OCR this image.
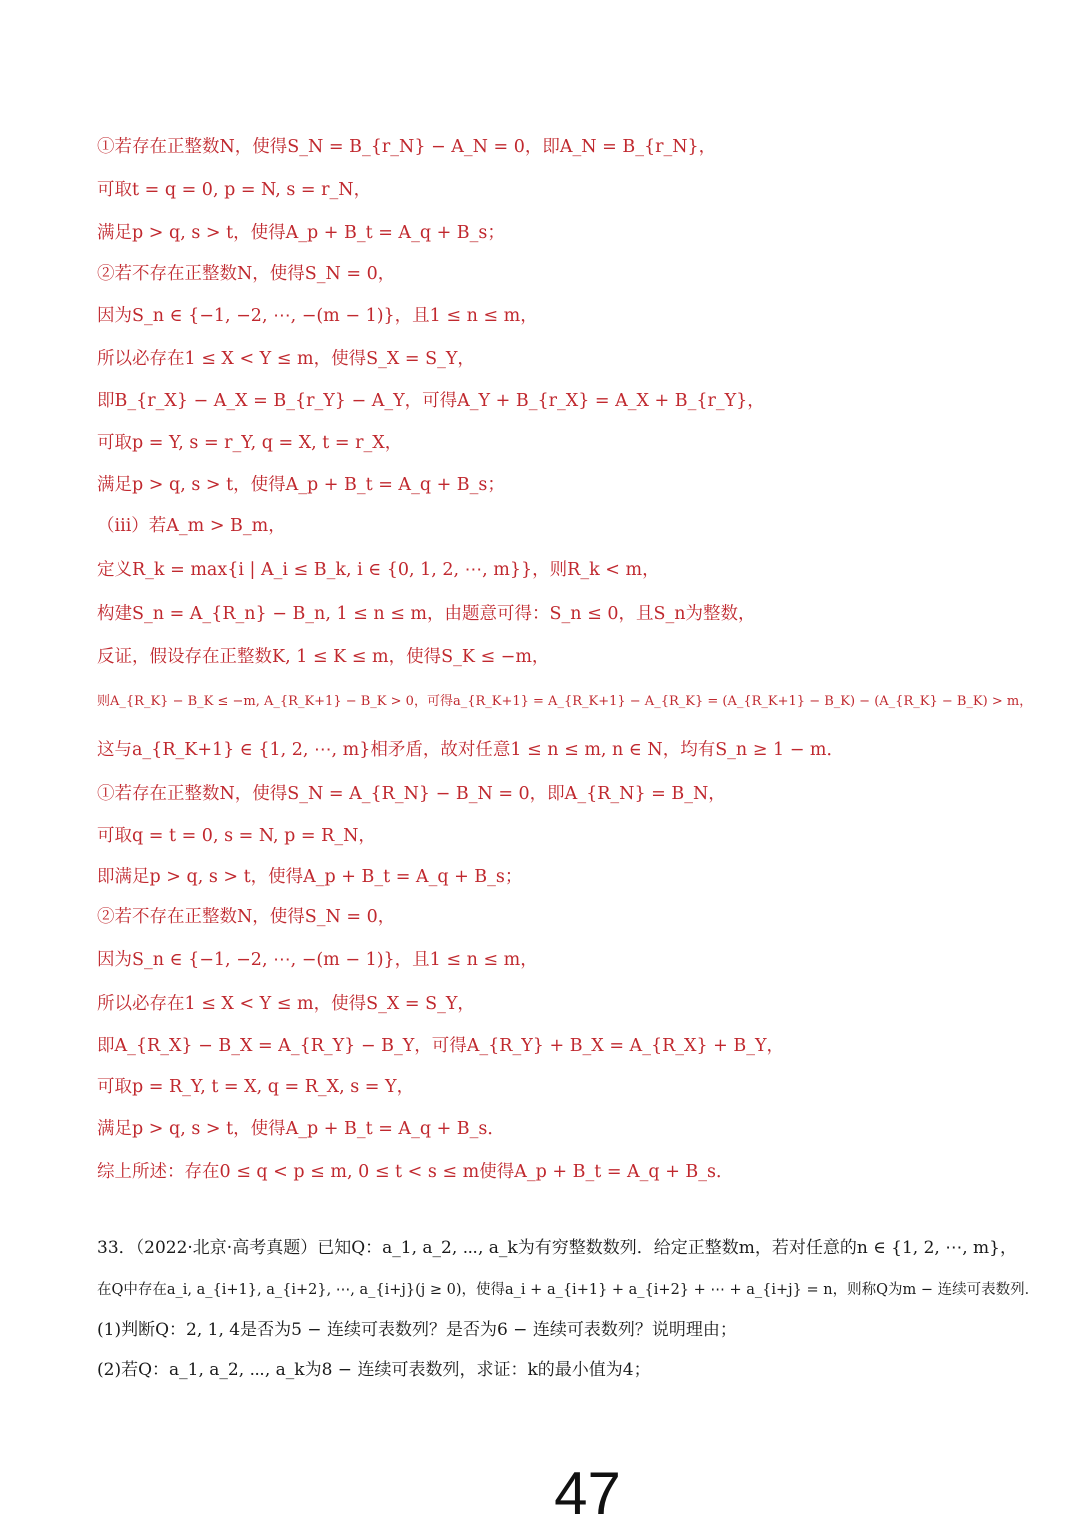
①若存在正整数N，使得S_N = B_{r_N} − A_N = 0，即A_N = B_{r_N}，
可取t = q = 0, p = N, s = r_N，
满足p > q, s > t，使得A_p + B_t = A_q + B_s；
②若不存在正整数N，使得S_N = 0，
因为S_n ∈ {−1, −2, ⋯, −(m − 1)}，且1 ≤ n ≤ m，
所以必存在1 ≤ X < Y ≤ m，使得S_X = S_Y，
即B_{r_X} − A_X = B_{r_Y} − A_Y，可得A_Y + B_{r_X} = A_X + B_{r_Y}，
可取p = Y, s = r_Y, q = X, t = r_X，
满足p > q, s > t，使得A_p + B_t = A_q + B_s；
（iii）若A_m > B_m，
定义R_k = max{i | A_i ≤ B_k, i ∈ {0, 1, 2, ⋯, m}}，则R_k < m，
构建S_n = A_{R_n} − B_n, 1 ≤ n ≤ m，由题意可得：S_n ≤ 0，且S_n为整数，
反证，假设存在正整数K, 1 ≤ K ≤ m，使得S_K ≤ −m，
则A_{R_K} − B_K ≤ −m, A_{R_K+1} − B_K > 0，可得a_{R_K+1} = A_{R_K+1} − A_{R_K} = (A_{R_K+1} − B_K) − (A_{R_K} − B_K) > m，
这与a_{R_K+1} ∈ {1, 2, ⋯, m}相矛盾，故对任意1 ≤ n ≤ m, n ∈ N，均有S_n ≥ 1 − m．
①若存在正整数N，使得S_N = A_{R_N} − B_N = 0，即A_{R_N} = B_N，
可取q = t = 0, s = N, p = R_N，
即满足p > q, s > t，使得A_p + B_t = A_q + B_s；
②若不存在正整数N，使得S_N = 0，
因为S_n ∈ {−1, −2, ⋯, −(m − 1)}，且1 ≤ n ≤ m，
所以必存在1 ≤ X < Y ≤ m，使得S_X = S_Y，
即A_{R_X} − B_X = A_{R_Y} − B_Y，可得A_{R_Y} + B_X = A_{R_X} + B_Y，
可取p = R_Y, t = X, q = R_X, s = Y，
满足p > q, s > t，使得A_p + B_t = A_q + B_s．
综上所述：存在0 ≤ q < p ≤ m, 0 ≤ t < s ≤ m使得A_p + B_t = A_q + B_s．
33．（2022·北京·高考真题）已知Q：a_1, a_2, ⋯, a_k为有穷整数数列．给定正整数m，若对任意的n ∈ {1, 2, ⋯, m}，
在Q中存在a_i, a_{i+1}, a_{i+2}, ⋯, a_{i+j}(j ≥ 0)，使得a_i + a_{i+1} + a_{i+2} + ⋯ + a_{i+j} = n，则称Q为m − 连续可表数列．
(1)判断Q：2, 1, 4是否为5 − 连续可表数列？是否为6 − 连续可表数列？说明理由；
(2)若Q：a_1, a_2, ⋯, a_k为8 − 连续可表数列，求证：k的最小值为4；
47
